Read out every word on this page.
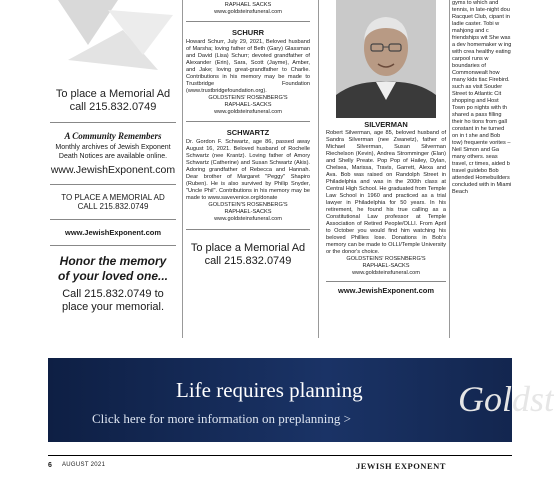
To place a Memorial Ad
call 215.832.0749
A Community Remembers
Monthly archives of Jewish Exponent
Death Notices are available online.
www.JewishExponent.com
TO PLACE A MEMORIAL AD
CALL 215.832.0749
www.JewishExponent.com
Honor the memory
of your loved one...
Call 215.832.0749 to
place your memorial.
RAPHAEL SACKS
www.goldsteinsfuneral.com
SCHURR
Howard Schurr, July 29, 2021, Beloved husband of Marsha; loving father of Beth (Gary) Glassman and David (Lisa) Schurr; devoted grandfather of Alexander (Erin), Sara, Scott (Jayme), Amber, and Jake; loving great-grandfather to Charlie. Contributions in his memory may be made to Trustbridge Foundation (www.trustbridgefoundation.org).
GOLDSTEINS' ROSENBERG'S
RAPHAEL-SACKS
www.goldsteinsfuneral.com
SCHWARTZ
Dr. Gordon F. Schwartz, age 86, passed away August 16, 2021. Beloved husband of Rochelle Schwartz (nee Krantz). Loving father of Amory Schwartz (Catherine) and Susan Schwartz (Akis). Adoring grandfather of Rebecca and Hannah. Dear brother of Margaret "Peggy" Shapiro (Ruben). He is also survived by Philip Snyder, "Uncle Phil". Contributions in his memory may be made to www.savevenice.org/donate
GOLDSTEIN'S ROSENBERG'S
RAPHAEL-SACKS
www.goldsteinsfuneral.com
To place a Memorial Ad
call 215.832.0749
SILVERMAN
Robert Silverman, age 85, beloved husband of Sandra Silverman (nee Zwanetz), father of Michael Silverman, Susan Silverman Riechelson (Kevin), Andrea Stromminger (Elan) and Shelly Preate. Pop Pop of Hailey, Dylan, Chelsea, Marissa, Travis, Garrett, Alexa and Ava. Bob was raised on Randolph Street in Philadelphia and was in the 200th class at Central High School. He graduated from Temple Law School in 1960 and practiced as a trial lawyer in Philadelphia for 50 years. In his retirement, he found his true calling as a Constitutional Law professor at Temple Association of Retired People/OLLI. From April to October you would find him watching his beloved Phillies lose. Donations in Bob's memory can be made to OLLI/Temple University or the donor's choice.
GOLDSTEINS' ROSENBERG'S
RAPHAEL-SACKS
www.goldsteinsfuneral.com
www.JewishExponent.com
gyms to which and tennis, in late-night dou Racquet Club, cipant in ladie caster. Tobi w mahjong and c friendships wit She was a dev homemaker w ing with crea healthy eating carpool runs w boundaries of Commonwealt how many kids tiac Firebird. such as visit Souder Street to Atlantic Cit shopping and Host Town po nights with th shared a pass filling their ho tions from gall constant in he turned on in t she and Bob tow) frequente vorites – Neil Simon and Ga many others. seas travel, cr times, aided b travel guidebo Bob attended Homebuilders concluded with in Miami Beach
Life requires planning
Click here for more information on preplanning >	Goldst
6 AUGUST 2021	JEWISH EXPONENT
